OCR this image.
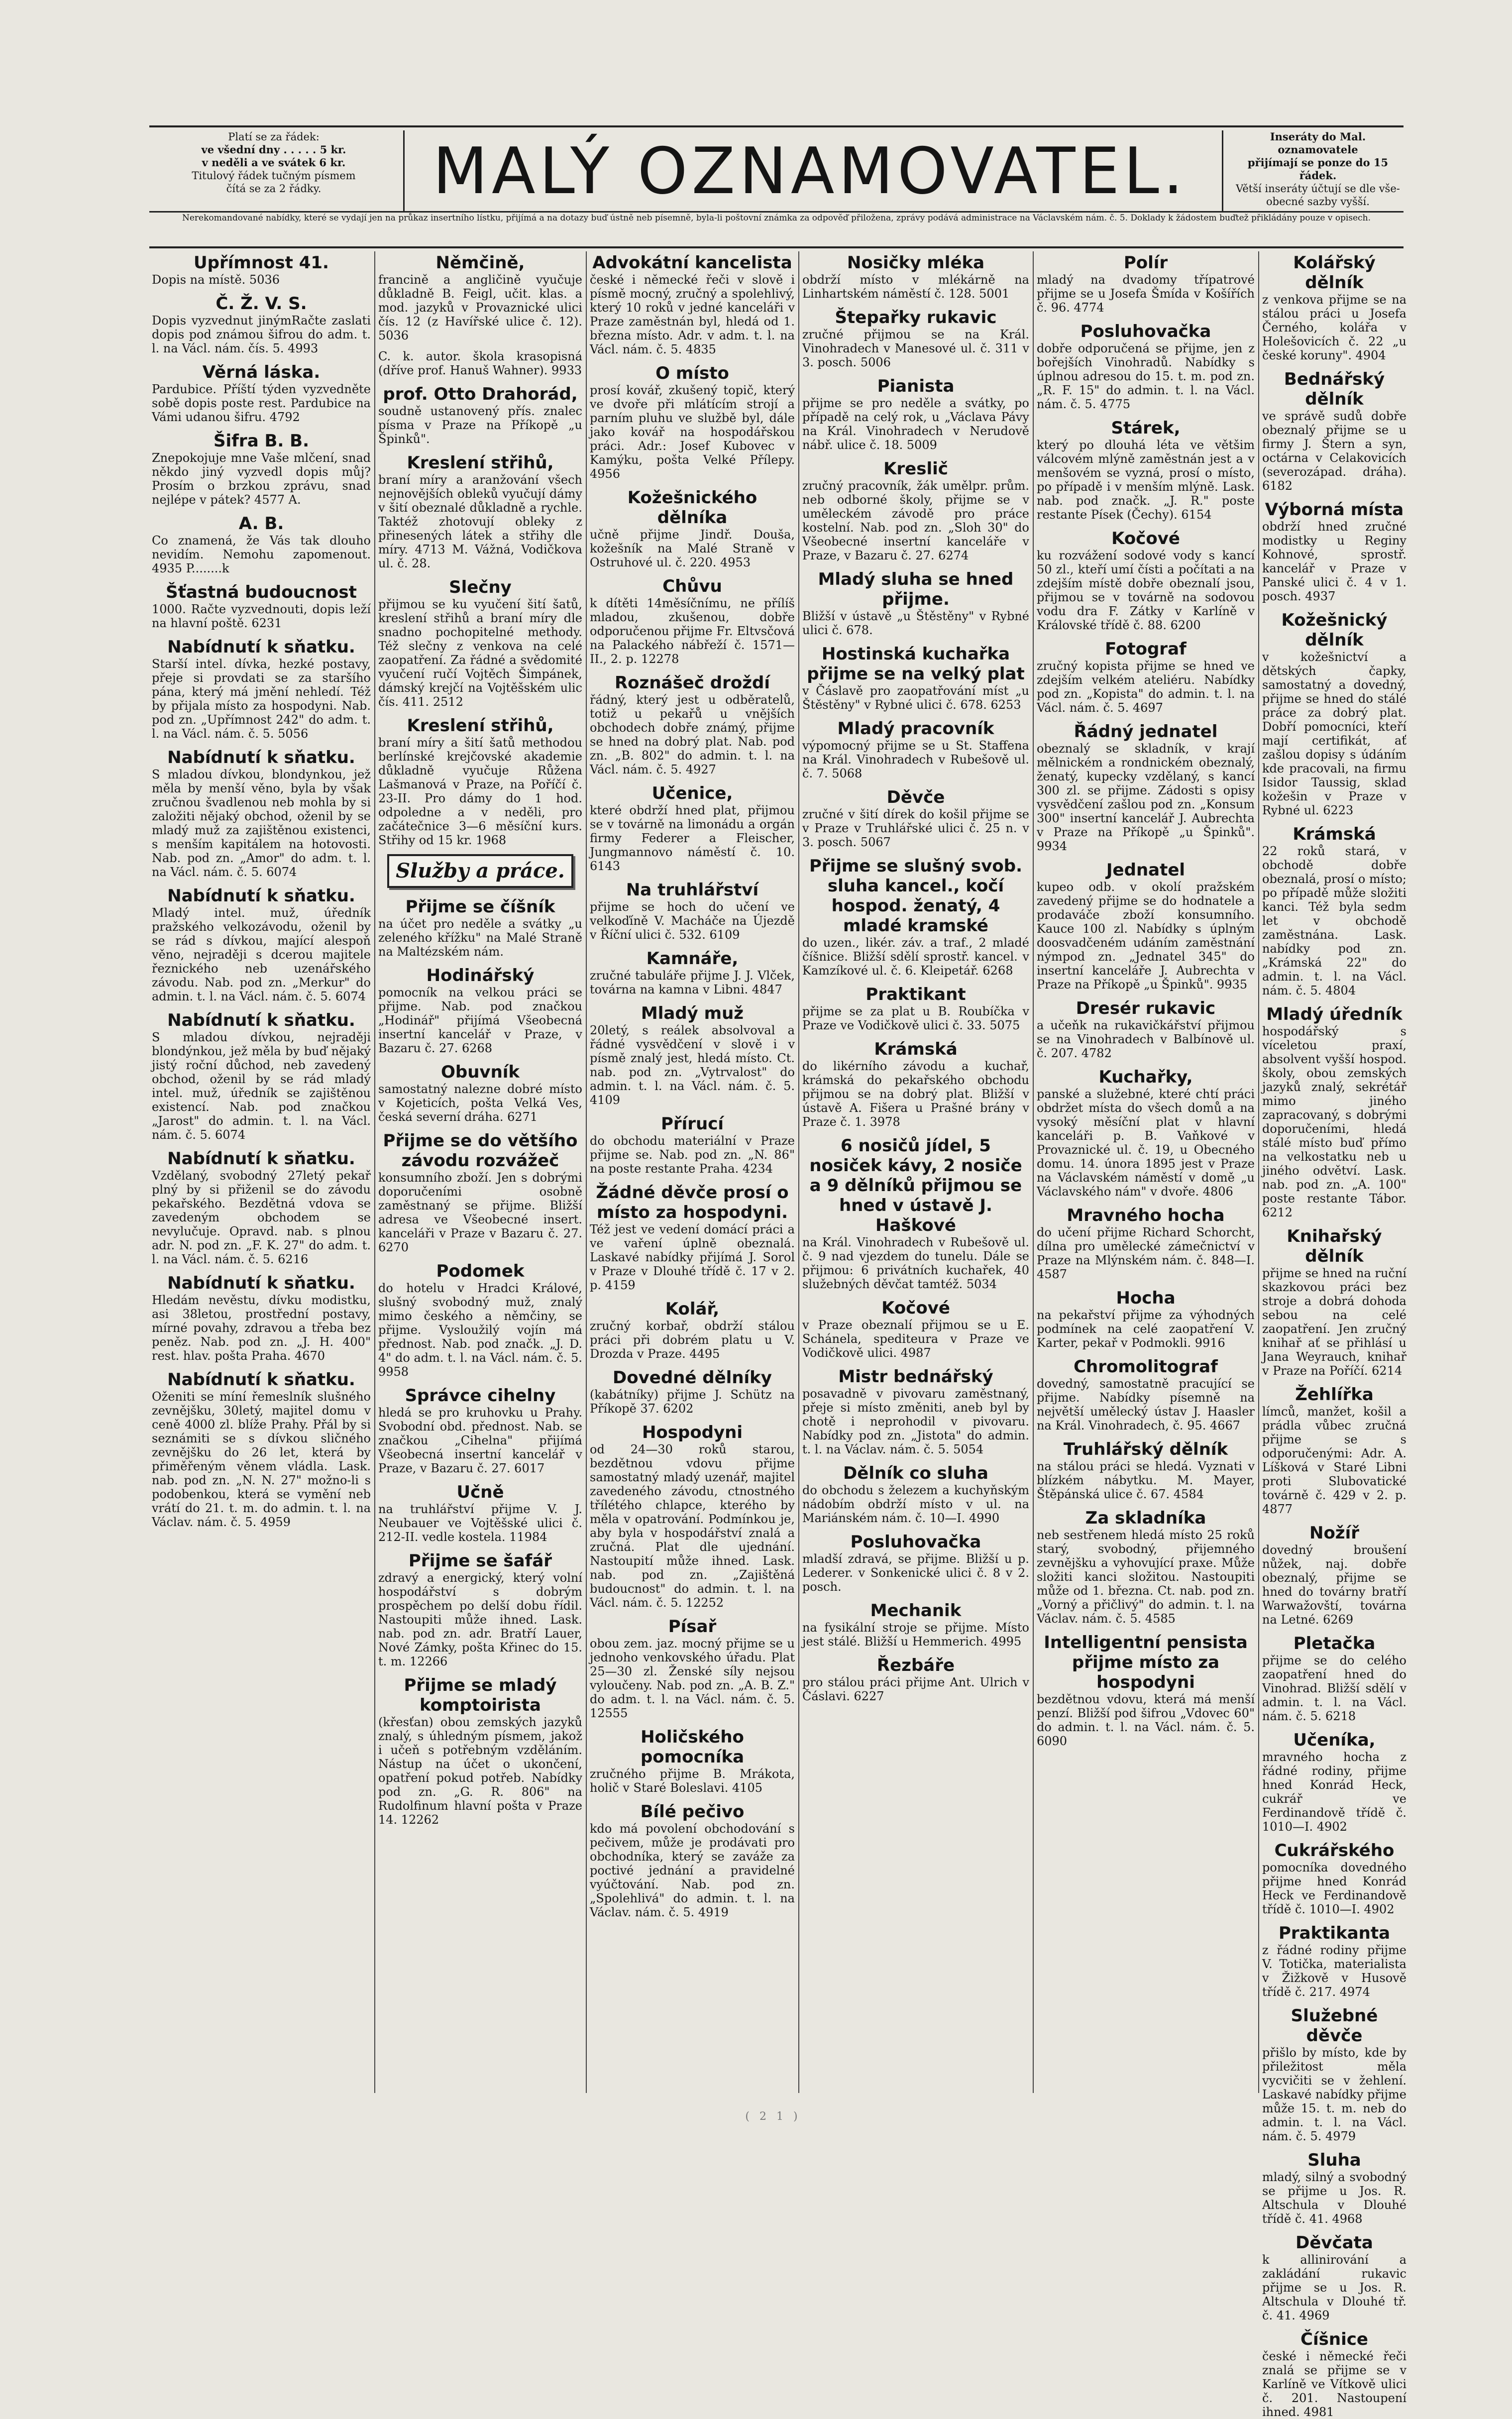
Platí se za řádek:
ve všední dny . . . . . 5 kr.
v neděli a ve svátek 6 kr.
Titulový řádek tučným písmem
čítá se za 2 řádky.	MALÝ OZNAMOVATEL.	Inseráty do Mal. oznamovatele
přijímají se ponze do 15 řádek.
Větší inseráty účtují se dle vše-
obecné sazby vyšší.
Nerekomandované nabídky, které se vydají jen na průkaz insertního lístku, přijímá a na dotazy buď ústně neb písemně, byla-li poštovní známka za odpověď přiložena, zprávy podává administrace na Václavském nám. č. 5. Doklady k žádostem buďtež přikládány pouze v opisech.
Upřímnost 41.
Dopis na místě. 5036
Č. Ž. V. S.
Dopis vyzvednut jinýmRačte zaslati dopis pod známou šifrou do adm. t. l. na Václ. nám. čís. 5. 4993
Věrná láska.
Pardubice. Příští týden vyzvedněte sobě dopis poste rest. Pardubice na Vámi udanou šifru. 4792
Šifra B. B.
Znepokojuje mne Vaše mlčení, snad někdo jiný vyzvedl dopis můj? Prosím o brzkou zprávu, snad nejlépe v pátek? 4577 A.
A. B.
Co znamená, že Vás tak dlouho nevidím. Nemohu zapomenout. 4935 P........k
Šťastná budoucnost
1000. Račte vyzvednouti, dopis leží na hlavní poště. 6231
Nabídnutí k sňatku.
Starší intel. dívka, hezké postavy, přeje si provdati se za staršího pána, který má jmění nehledí. Též by přijala místo za hospodyni. Nab. pod zn. „Upřímnost 242" do adm. t. l. na Václ. nám. č. 5. 5056
Nabídnutí k sňatku.
S mladou dívkou, blondynkou, jež měla by menší věno, byla by však zručnou švadlenou neb mohla by si založiti nějaký obchod, oženil by se mladý muž za zajištěnou existenci, s menším kapitálem na hotovosti. Nab. pod zn. „Amor" do adm. t. l. na Václ. nám. č. 5. 6074
Nabídnutí k sňatku.
Mladý intel. muž, úředník pražského velkozávodu, oženil by se rád s dívkou, mající alespoň věno, nejraději s dcerou majitele řeznického neb uzenářského závodu. Nab. pod zn. „Merkur" do admin. t. l. na Václ. nám. č. 5. 6074
Nabídnutí k sňatku.
S mladou dívkou, nejraději blondýnkou, jež měla by buď nějaký jistý roční důchod, neb zavedený obchod, oženil by se rád mladý intel. muž, úředník se zajištěnou existencí. Nab. pod značkou „Jarost" do admin. t. l. na Václ. nám. č. 5. 6074
Nabídnutí k sňatku.
Vzdělaný, svobodný 27letý pekař plný by si přiženil se do závodu pekařského. Bezdětná vdova se zavedeným obchodem se nevylučuje. Opravd. nab. s plnou adr. N. pod zn. „F. K. 27" do adm. t. l. na Václ. nám. č. 5. 6216
Nabídnutí k sňatku.
Hledám nevěstu, dívku modistku, asi 38letou, prostřední postavy, mírné povahy, zdravou a třeba bez peněz. Nab. pod zn. „J. H. 400" rest. hlav. pošta Praha. 4670
Nabídnutí k sňatku.
Oženiti se míní řemeslník slušného zevnějšku, 30letý, majitel domu v ceně 4000 zl. blíže Prahy. Přál by si seznámiti se s dívkou sličného zevnějšku do 26 let, která by přiměřeným věnem vládla. Lask. nab. pod zn. „N. N. 27" možno-li s podobenkou, která se vymění neb vrátí do 21. t. m. do admin. t. l. na Václav. nám. č. 5. 4959
Němčině,
francině a angličině vyučuje důkladně B. Feigl, učit. klas. a mod. jazyků v Provaznické ulici čís. 12 (z Havířské ulice č. 12). 5036
C. k. autor. škola krasopisná (dříve prof. Hanuš Wahner). 9933
prof. Otto Drahorád,
soudně ustanovený přís. znalec písma v Praze na Příkopě „u Špinků".
Kreslení střihů,
braní míry a aranžování všech nejnovějších obleků vyučují dámy v šití obeznalé důkladně a rychle. Taktéž zhotovují obleky z přinesených látek a střihy dle míry. 4713 M. Vážná, Vodičkova ul. č. 28.
Slečny
přijmou se ku vyučení šití šatů, kreslení střihů a braní míry dle snadno pochopitelné methody. Též slečny z venkova na celé zaopatření. Za řádné a svědomité vyučení ručí Vojtěch Šimpánek, dámský krejčí na Vojtěšském ulic čís. 411. 2512
Kreslení střihů,
braní míry a šití šatů methodou berlínské krejčovské akademie důkladně vyučuje Růžena Lašmanová v Praze, na Poříčí č. 23-II. Pro dámy do 1 hod. odpoledne a v neděli, pro začátečnice 3—6 měsíční kurs. Střihy od 15 kr. 1968
Služby a práce.
Přijme se číšník
na účet pro neděle a svátky „u zeleného křížku" na Malé Straně na Maltézském nám.
Hodinářský
pomocník na velkou práci se přijme. Nab. pod značkou „Hodinář" přijímá Všeobecná insertní kancelář v Praze, v Bazaru č. 27. 6268
Obuvník
samostatný nalezne dobré místo v Kojeticích, pošta Velká Ves, česká severní dráha. 6271
Přijme se do většího závodu rozvážeč
konsumního zboží. Jen s dobrými doporučeními osobně zaměstnaný se přijme. Bližší adresa ve Všeobecné insert. kanceláři v Praze v Bazaru č. 27. 6270
Podomek
do hotelu v Hradci Králové, slušný svobodný muž, znalý mimo českého a němčiny, se přijme. Vysloužilý vojín má přednost. Nab. pod značk. „J. D. 4" do adm. t. l. na Václ. nám. č. 5. 9958
Správce cihelny
hledá se pro kruhovku u Prahy. Svobodní obd. přednost. Nab. se značkou „Cihelna" přijímá Všeobecná insertní kancelář v Praze, v Bazaru č. 27. 6017
Učně
na truhlářství přijme V. J. Neubauer ve Vojtěšské ulici č. 212-II. vedle kostela. 11984
Přijme se šafář
zdravý a energický, který volní hospodářství s dobrým prospěchem po delší dobu řídil. Nastoupiti může ihned. Lask. nab. pod zn. adr. Bratří Lauer, Nové Zámky, pošta Křinec do 15. t. m. 12266
Přijme se mladý komptoirista
(křesťan) obou zemských jazyků znalý, s úhledným písmem, jakož i učeň s potřebným vzděláním. Nástup na účet o ukončení, opatření pokud potřeb. Nabídky pod zn. „G. R. 806" na Rudolfinum hlavní pošta v Praze 14. 12262
Advokátní kancelista
české i německé řeči v slově i písmě mocný, zručný a spolehlivý, který 10 roků v jedné kanceláři v Praze zaměstnán byl, hledá od 1. března místo. Adr. v adm. t. l. na Václ. nám. č. 5. 4835
O místo
prosí kovář, zkušený topič, který ve dvoře při mlátícím strojí a parním pluhu ve službě byl, dále jako kovář na hospodářskou práci. Adr.: Josef Kubovec v Kamýku, pošta Velké Přílepy. 4956
Kožešnického dělníka
učně přijme Jindř. Douša, kožešník na Malé Straně v Ostruhové ul. č. 220. 4953
Chůvu
k dítěti 14měsíčnímu, ne přílíš mladou, zkušenou, dobře odporučenou přijme Fr. Eltvsčová na Palackého nábřeží č. 1571—II., 2. p. 12278
Roznášeč droždí
řádný, který jest u odběratelů, totiž u pekařů u vnějších obchodech dobře známý, přijme se hned na dobrý plat. Nab. pod zn. „B. 802" do admin. t. l. na Václ. nám. č. 5. 4927
Učenice,
které obdrží hned plat, přijmou se v továrně na limonádu a orgán firmy Federer a Fleischer, Jungmannovo náměstí č. 10. 6143
Na truhlářství
přijme se hoch do učení ve velkoďíně V. Macháče na Újezdě v Říční ulici č. 532. 6109
Kamnáře,
zručné tabuláře přijme J. J. Vlček, továrna na kamna v Libni. 4847
Mladý muž
20letý, s reálek absolvoval a řádné vysvědčení v slově i v písmě znalý jest, hledá místo. Ct. nab. pod zn. „Vytrvalost" do admin. t. l. na Václ. nám. č. 5. 4109
Přírucí
do obchodu materiální v Praze přijme se. Nab. pod zn. „N. 86" na poste restante Praha. 4234
Žádné děvče prosí o místo za hospodyni.
Též jest ve vedení domácí práci a ve vaření úplně obeznalá. Laskavé nabídky přijímá J. Sorol v Praze v Dlouhé třídě č. 17 v 2. p. 4159
Kolář,
zručný korbař, obdrží stálou práci při dobrém platu u V. Drozda v Praze. 4495
Dovedné dělníky
(kabátníky) přijme J. Schütz na Příkopě 37. 6202
Hospodyni
od 24—30 roků starou, bezdětnou vdovu přijme samostatný mladý uzenář, majitel zavedeného závodu, ctnostného třílétého chlapce, kterého by měla v opatrování. Podmínkou je, aby byla v hospodářství znalá a zručná. Plat dle ujednání. Nastoupití může ihned. Lask. nab. pod zn. „Zajištěná budoucnost" do admin. t. l. na Václ. nám. č. 5. 12252
Písař
obou zem. jaz. mocný přijme se u jednoho venkovského úřadu. Plat 25—30 zl. Ženské síly nejsou vyloučeny. Nab. pod zn. „A. B. Z." do adm. t. l. na Václ. nám. č. 5. 12555
Holičského pomocníka
zručného přijme B. Mrákota, holič v Staré Boleslavi. 4105
Bílé pečivo
kdo má povolení obchodování s pečivem, může je prodávati pro obchodníka, který se zaváže za poctivé jednání a pravidelné vyúčtování. Nab. pod zn. „Spolehlivá" do admin. t. l. na Václav. nám. č. 5. 4919
Nosičky mléka
obdrží místo v mlékárně na Linhartském náměstí č. 128. 5001
Štepařky rukavic
zručné přijmou se na Král. Vinohradech v Manesové ul. č. 311 v 3. posch. 5006
Pianista
přijme se pro neděle a svátky, po případě na celý rok, u „Václava Pávy na Král. Vinohradech v Nerudově nábř. ulice č. 18. 5009
Kreslič
zručný pracovník, žák umělpr. prům. neb odborné školy, přijme se v uměleckém závodě pro práce kostelní. Nab. pod zn. „Sloh 30" do Všeobecné insertní kanceláře v Praze, v Bazaru č. 27. 6274
Mladý sluha se hned přijme.
Bližší v ústavě „u Štěstěny" v Rybné ulici č. 678.
Hostinská kuchařka přijme se na velký plat
v Čáslavě pro zaopatřování míst „u Štěstěny" v Rybné ulici č. 678. 6253
Mladý pracovník
výpomocný přijme se u St. Staffena na Král. Vinohradech v Rubešově ul. č. 7. 5068
Děvče
zručné v šití dírek do košil přijme se v Praze v Truhlářské ulici č. 25 n. v 3. posch. 5067
Přijme se slušný svob. sluha kancel., kočí hospod. ženatý, 4 mladé kramské
do uzen., likér. záv. a traf., 2 mladé číšnice. Bližší sdělí sprostř. kancel. v Kamzíkové ul. č. 6. Kleipetář. 6268
Praktikant
přijme se za plat u B. Roubíčka v Praze ve Vodičkově ulici č. 33. 5075
Krámská
do likérního závodu a kuchař, krámská do pekařského obchodu přijmou se na dobrý plat. Bližší v ústavě A. Fišera u Prašné brány v Praze č. 1. 3978
6 nosičů jídel, 5 nosiček kávy, 2 nosiče a 9 dělníků přijmou se hned v ústavě J. Haškové
na Král. Vinohradech v Rubešově ul. č. 9 nad vjezdem do tunelu. Dále se přijmou: 6 privátních kuchařek, 40 služebných děvčat tamtéž. 5034
Kočové
v Praze obeznalí přijmou se u E. Schánela, spediteura v Praze ve Vodičkově ulici. 4987
Mistr bednářský
posavadně v pivovaru zaměstnaný, přeje si místo změniti, aneb byl by chotě i neprohodil v pivovaru. Nabídky pod zn. „Jistota" do admin. t. l. na Václav. nám. č. 5. 5054
Dělník co sluha
do obchodu s železem a kuchyňským nádobím obdrží místo v ul. na Mariánském nám. č. 10—I. 4990
Posluhovačka
mladší zdravá, se přijme. Bližší u p. Lederer. v Sonkenické ulici č. 8 v 2. posch.
Mechanik
na fysikální stroje se přijme. Místo jest stálé. Bližší u Hemmerich. 4995
Řezbáře
pro stálou práci přijme Ant. Ulrich v Čáslavi. 6227
Polír
mladý na dvadomy třípatrové přijme se u Josefa Šmída v Košířích č. 96. 4774
Posluhovačka
dobře odporučená se přijme, jen z bořejších Vinohradů. Nabídky s úplnou adresou do 15. t. m. pod zn. „R. F. 15" do admin. t. l. na Václ. nám. č. 5. 4775
Stárek,
který po dlouhá léta ve většim válcovém mlýně zaměstnán jest a v menšovém se vyzná, prosí o místo, po případě i v menším mlýně. Lask. nab. pod značk. „J. R." poste restante Písek (Čechy). 6154
Kočové
ku rozvážení sodové vody s kancí 50 zl., kteří umí čísti a počítati a na zdejším místě dobře obeznalí jsou, přijmou se v továrně na sodovou vodu dra F. Zátky v Karlíně v Královské třídě č. 88. 6200
Fotograf
zručný kopista přijme se hned ve zdejším velkém ateliéru. Nabídky pod zn. „Kopista" do admin. t. l. na Václ. nám. č. 5. 4697
Řádný jednatel
obeznalý se skladník, v krají mělnickém a rondnickém obeznalý, ženatý, kupecky vzdělaný, s kancí 300 zl. se přijme. Zádosti s opisy vysvědčení zašlou pod zn. „Konsum 300" insertní kancelář J. Aubrechta v Praze na Příkopě „u Špinků". 9934
Jednatel
kupeo odb. v okolí pražském zavedený přijme se do hodnatele a prodaváče zboží konsumního. Kauce 100 zl. Nabídky s úplným doosvadčeném udáním zaměstnání nýmpod zn. „Jednatel 345" do insertní kanceláře J. Aubrechta v Praze na Příkopě „u Špinků". 9935
Dresér rukavic
a učeňk na rukavičkářství přijmou se na Vinohradech v Balbínově ul. č. 207. 4782
Kuchařky,
panské a služebné, které chtí práci obdržet místa do všech domů a na vysoký měsíční plat v hlavní kanceláři p. B. Vaňkové v Provaznické ul. č. 19, u Obecného domu. 14. února 1895 jest v Praze na Václavském náměstí v domě „u Václavského nám" v dvoře. 4806
Mravného hocha
do učení přijme Richard Schorcht, dílna pro umělecké zámečnictví v Praze na Mlýnském nám. č. 848—I. 4587
Hocha
na pekařství přijme za výhodných podmínek na celé zaopatření V. Karter, pekař v Podmokli. 9916
Chromolitograf
dovedný, samostatně pracující se přijme. Nabídky písemně na největší umělecký ústav J. Haasler na Král. Vinohradech, č. 95. 4667
Truhlářský dělník
na stálou práci se hledá. Vyznati v blízkém nábytku. M. Mayer, Štěpánská ulice č. 67. 4584
Za skladníka
neb sestřenem hledá místo 25 roků starý, svobodný, přijemného zevnějšku a vyhovující praxe. Může složiti kanci složitou. Nastoupiti může od 1. března. Ct. nab. pod zn. „Vorný a přičlivý" do admin. t. l. na Václav. nám. č. 5. 4585
Intelligentní pensista přijme místo za hospodyni
bezdětnou vdovu, která má menší penzí. Bližší pod šifrou „Vdovec 60" do admin. t. l. na Václ. nám. č. 5. 6090
Kolářský dělník
z venkova přijme se na stálou práci u Josefa Černého, kolářa v Holešovicích č. 22 „u české koruny". 4904
Bednářský dělník
ve správě sudů dobře obeznalý přijme se u firmy J. Štern a syn, octárna v Celakovicích (severozápad. dráha). 6182
Výborná místa
obdrží hned zručné modistky u Reginy Kohnové, sprostř. kancelář v Praze v Panské ulici č. 4 v 1. posch. 4937
Kožešnický dělník
v kožešnictví a dětských čapky, samostatný a dovedný, přijme se hned do stálé práce za dobrý plat. Dobří pomocníci, kteří mají certifikát, ať zašlou dopisy s údáním kde pracovali, na firmu Isidor Taussig, sklad kožešin v Praze v Rybné ul. 6223
Krámská
22 roků stará, v obchodě dobře obeznalá, prosí o místo; po případě může složiti kanci. Též byla sedm let v obchodě zaměstnána. Lask. nabídky pod zn. „Krámská 22" do admin. t. l. na Václ. nám. č. 5. 4804
Mladý úředník
hospodářský s víceletou praxí, absolvent vyšší hospod. školy, obou zemských jazyků znalý, sekrétář mimo jiného zapracovaný, s dobrými doporučeními, hledá stálé místo buď přímo na velkostatku neb u jiného odvětví. Lask. nab. pod zn. „A. 100" poste restante Tábor. 6212
Knihařský dělník
přijme se hned na ruční skazkovou práci bez stroje a dobrá dohoda sebou na celé zaopatření. Jen zručný knihař ať se přihlásí u Jana Weyrauch, knihař v Praze na Poříčí. 6214
Žehlířka
límců, manžet, košil a prádla vůbec zručná přijme se s odporučenými: Adr. A. Líšková v Staré Libni proti Slubovatické továrně č. 429 v 2. p. 4877
Nožíř
dovedný broušení nůžek, naj. dobře obeznalý, přijme se hned do továrny bratří Warwažovští, továrna na Letné. 6269
Pletačka
přijme se do celého zaopatření hned do Vinohrad. Bližší sdělí v admin. t. l. na Václ. nám. č. 5. 6218
Učeníka,
mravného hocha z řádné rodiny, přijme hned Konrád Heck, cukrář ve Ferdinandově třídě č. 1010—I. 4902
Cukrářského
pomocníka dovedného přijme hned Konrád Heck ve Ferdinandově třídě č. 1010—I. 4902
Praktikanta
z řádné rodiny přijme V. Totička, materialista v Žižkově v Husově třídě č. 217. 4974
Služebné děvče
přišlo by místo, kde by přiležitost měla vycvičiti se v žehlení. Laskavé nabídky přijme může 15. t. m. neb do admin. t. l. na Václ. nám. č. 5. 4979
Sluha
mladý, silný a svobodný se přijme u Jos. R. Altschula v Dlouhé třídě č. 41. 4968
Děvčata
k allinirování a zakládání rukavic přijme se u Jos. R. Altschula v Dlouhé tř. č. 41. 4969
Číšnice
české i německé řeči znalá se přijme se v Karlíně ve Vítkově ulici č. 201. Nastoupení ihned. 4981
(21)
